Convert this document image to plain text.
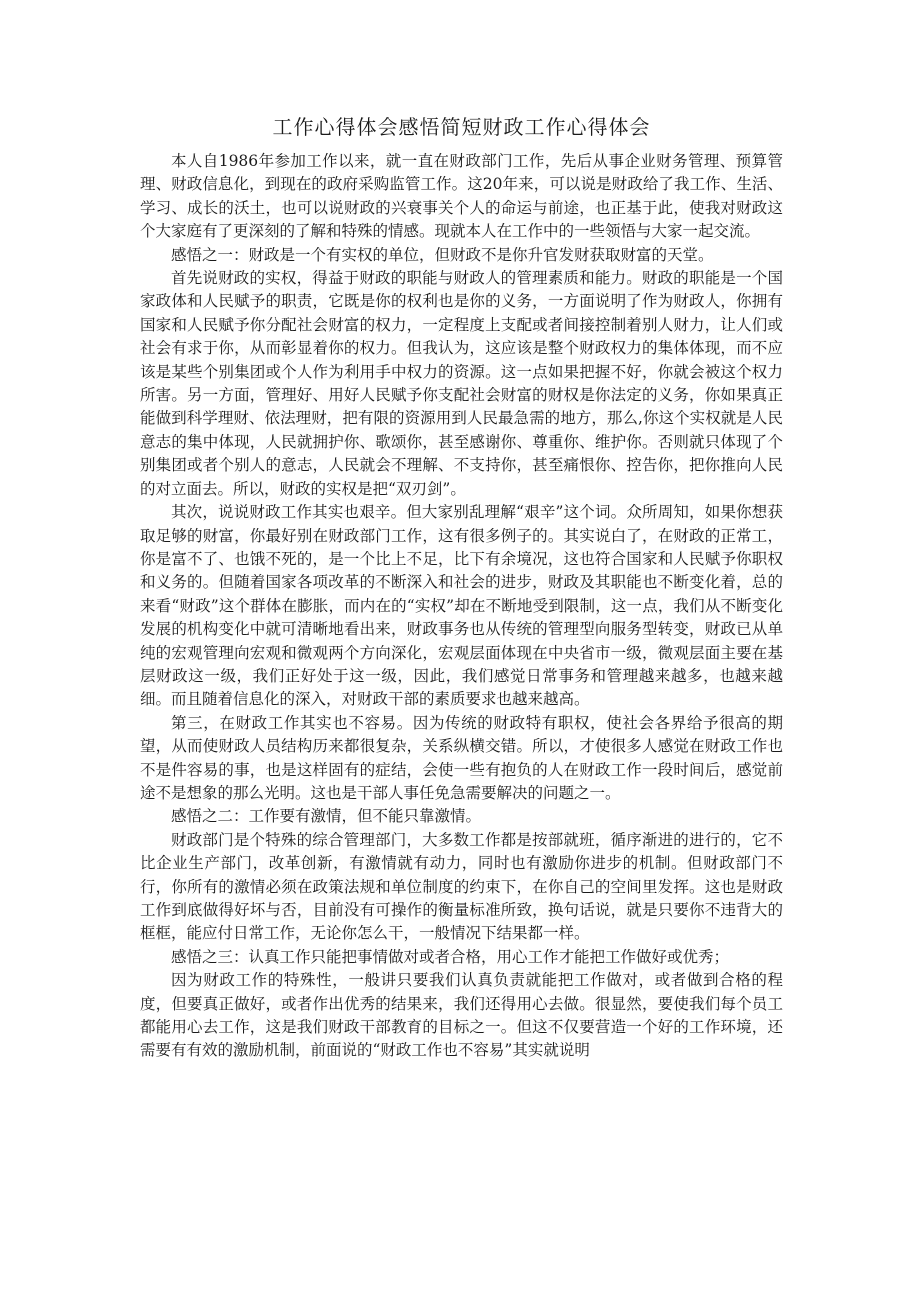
工作心得体会感悟简短财政工作心得体会

本人自1986年参加工作以来，就一直在财政部门工作，先后从事企业财务管理、预算管理、财政信息化，到现在的政府采购监管工作。这20年来，可以说是财政给了我工作、生活、学习、成长的沃土，也可以说财政的兴衰事关个人的命运与前途，也正基于此，使我对财政这个大家庭有了更深刻的了解和特殊的情感。现就本人在工作中的一些领悟与大家一起交流。

感悟之一：财政是一个有实权的单位，但财政不是你升官发财获取财富的天堂。

首先说财政的实权，得益于财政的职能与财政人的管理素质和能力。财政的职能是一个国家政体和人民赋予的职责，它既是你的权利也是你的义务，一方面说明了作为财政人，你拥有国家和人民赋予你分配社会财富的权力，一定程度上支配或者间接控制着别人财力，让人们或社会有求于你，从而彰显着你的权力。但我认为，这应该是整个财政权力的集体体现，而不应该是某些个别集团或个人作为利用手中权力的资源。这一点如果把握不好，你就会被这个权力所害。另一方面，管理好、用好人民赋予你支配社会财富的财权是你法定的义务，你如果真正能做到科学理财、依法理财，把有限的资源用到人民最急需的地方，那么,你这个实权就是人民意志的集中体现，人民就拥护你、歌颂你，甚至感谢你、尊重你、维护你。否则就只体现了个别集团或者个别人的意志，人民就会不理解、不支持你，甚至痛恨你、控告你，把你推向人民的对立面去。所以，财政的实权是把“双刃剑”。

其次，说说财政工作其实也艰辛。但大家别乱理解“艰辛”这个词。众所周知，如果你想获取足够的财富，你最好别在财政部门工作，这有很多例子的。其实说白了，在财政的正常工，你是富不了、也饿不死的，是一个比上不足，比下有余境况，这也符合国家和人民赋予你职权和义务的。但随着国家各项改革的不断深入和社会的进步，财政及其职能也不断变化着，总的来看“财政”这个群体在膨胀，而内在的“实权”却在不断地受到限制，这一点，我们从不断变化发展的机构变化中就可清晰地看出来，财政事务也从传统的管理型向服务型转变，财政已从单纯的宏观管理向宏观和微观两个方向深化，宏观层面体现在中央省市一级，微观层面主要在基层财政这一级，我们正好处于这一级，因此，我们感觉日常事务和管理越来越多，也越来越细。而且随着信息化的深入，对财政干部的素质要求也越来越高。

第三，在财政工作其实也不容易。因为传统的财政特有职权，使社会各界给予很高的期望，从而使财政人员结构历来都很复杂，关系纵横交错。所以，才使很多人感觉在财政工作也不是件容易的事，也是这样固有的症结，会使一些有抱负的人在财政工作一段时间后，感觉前途不是想象的那么光明。这也是干部人事任免急需要解决的问题之一。

感悟之二：工作要有激情，但不能只靠激情。

财政部门是个特殊的综合管理部门，大多数工作都是按部就班，循序渐进的进行的，它不比企业生产部门，改革创新，有激情就有动力，同时也有激励你进步的机制。但财政部门不行，你所有的激情必须在政策法规和单位制度的约束下，在你自己的空间里发挥。这也是财政工作到底做得好坏与否，目前没有可操作的衡量标准所致，换句话说，就是只要你不违背大的框框，能应付日常工作，无论你怎么干，一般情况下结果都一样。

感悟之三：认真工作只能把事情做对或者合格，用心工作才能把工作做好或优秀；

因为财政工作的特殊性，一般讲只要我们认真负责就能把工作做对，或者做到合格的程度，但要真正做好，或者作出优秀的结果来，我们还得用心去做。很显然，要使我们每个员工都能用心去工作，这是我们财政干部教育的目标之一。但这不仅要营造一个好的工作环境，还需要有有效的激励机制，前面说的“财政工作也不容易”其实就说明
